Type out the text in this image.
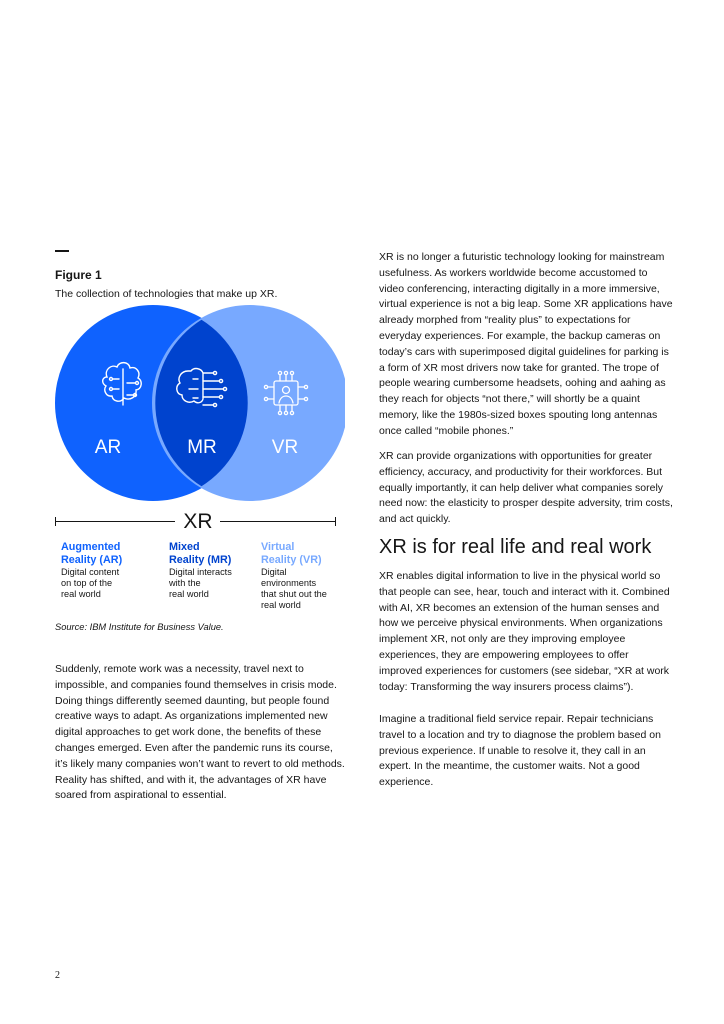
Figure 1
The collection of technologies that make up XR.
AR	MR	VR
XR
Augmented
Reality (AR)
Digital content
on top of the
real world
Mixed
Reality (MR)
Digital interacts
with the
real world
Virtual
Reality (VR)
Digital
environments
that shut out the
real world
Source: IBM Institute for Business Value.

Suddenly, remote work was a necessity, travel next to impossible, and companies found themselves in crisis mode. Doing things differently seemed daunting, but people found creative ways to adapt. As organizations implemented new digital approaches to get work done, the benefits of these changes emerged. Even after the pandemic runs its course, it’s likely many companies won’t want to revert to old methods. Reality has shifted, and with it, the advantages of XR have soared from aspirational to essential.

XR is no longer a futuristic technology looking for mainstream usefulness. As workers worldwide become accustomed to video conferencing, interacting digitally in a more immersive, virtual experience is not a big leap. Some XR applications have already morphed from “reality plus” to expectations for everyday experiences. For example, the backup cameras on today’s cars with superimposed digital guidelines for parking is a form of XR most drivers now take for granted. The trope of people wearing cumbersome headsets, oohing and aahing as they reach for objects “not there,” will shortly be a quaint memory, like the 1980s-sized boxes spouting long antennas once called “mobile phones.”

XR can provide organizations with opportunities for greater efficiency, accuracy, and productivity for their workforces. But equally importantly, it can help deliver what companies sorely need now: the elasticity to prosper despite adversity, trim costs, and act quickly.

XR is for real life and real work

XR enables digital information to live in the physical world so that people can see, hear, touch and interact with it. Combined with AI, XR becomes an extension of the human senses and how we perceive physical environments. When organizations implement XR, not only are they improving employee experiences, they are empowering employees to offer improved experiences for customers (see sidebar, “XR at work today: Transforming the way insurers process claims”).

Imagine a traditional field service repair. Repair technicians travel to a location and try to diagnose the problem based on previous experience. If unable to resolve it, they call in an expert. In the meantime, the customer waits. Not a good experience.

2
